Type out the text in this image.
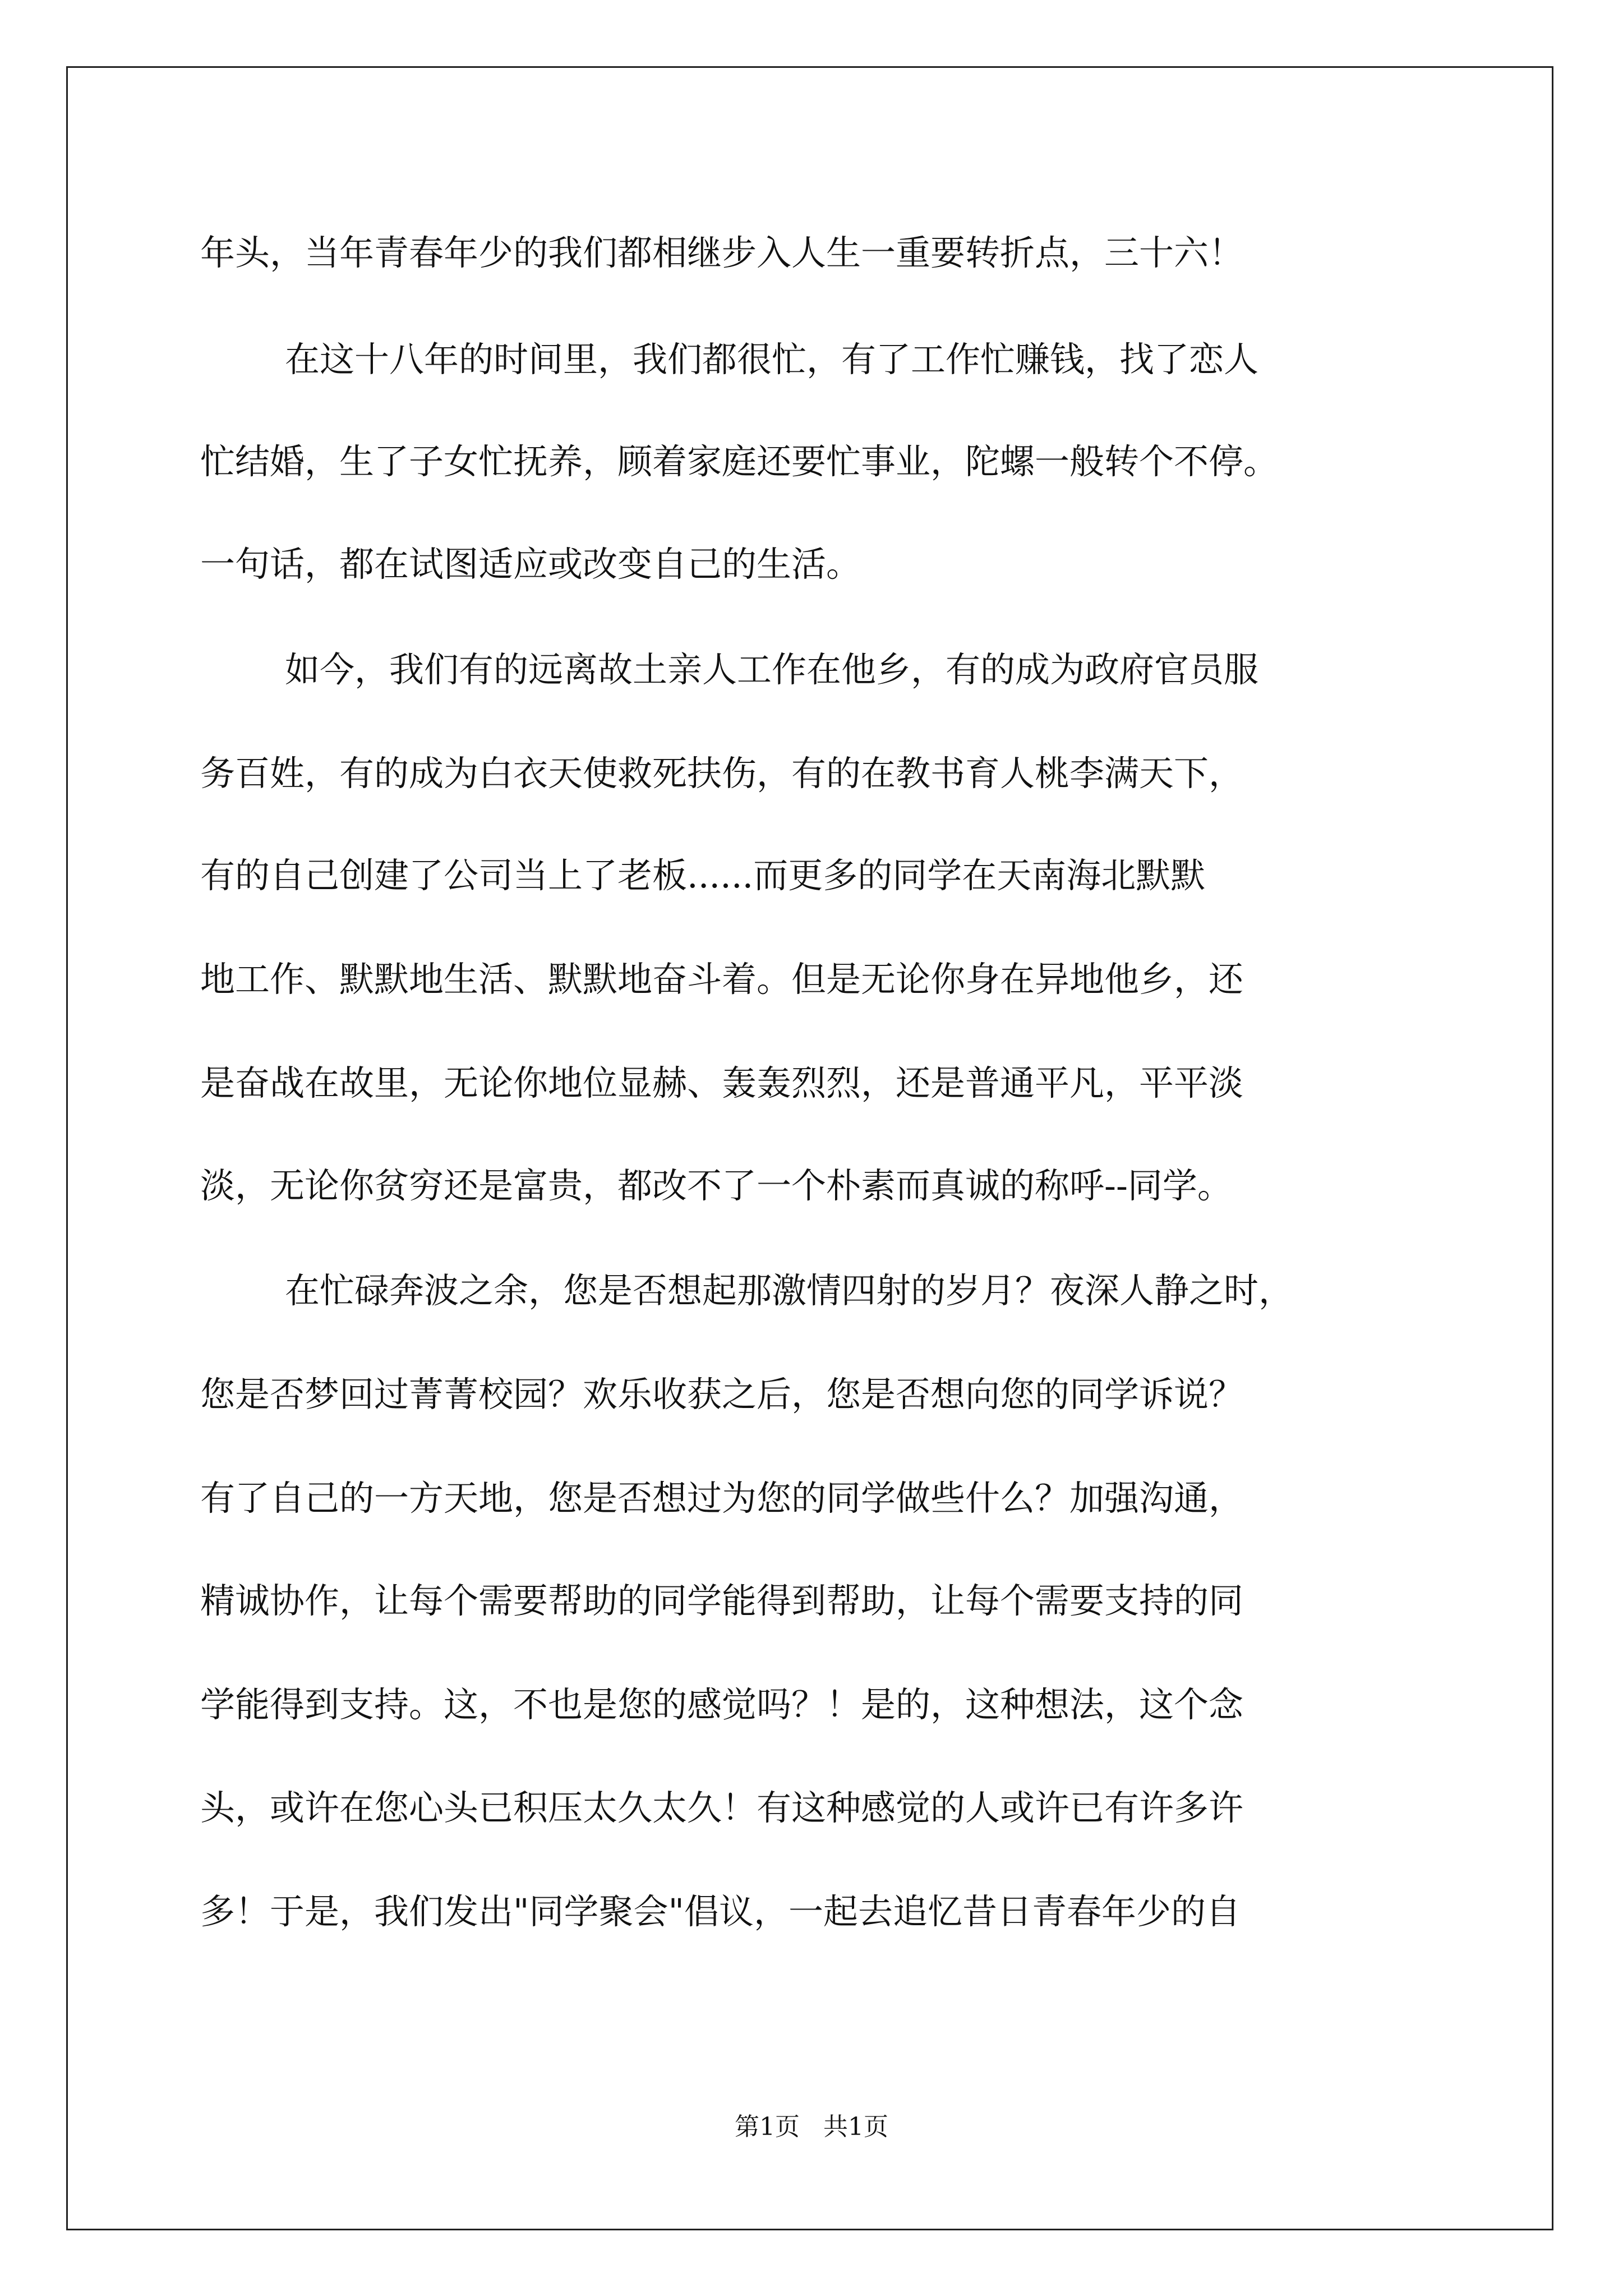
年头，当年青春年少的我们都相继步入人生一重要转折点，三十六！
在这十八年的时间里，我们都很忙，有了工作忙赚钱，找了恋人
忙结婚，生了子女忙抚养，顾着家庭还要忙事业，陀螺一般转个不停。
一句话，都在试图适应或改变自己的生活。
如今，我们有的远离故土亲人工作在他乡，有的成为政府官员服
务百姓，有的成为白衣天使救死扶伤，有的在教书育人桃李满天下，
有的自己创建了公司当上了老板......而更多的同学在天南海北默默
地工作、默默地生活、默默地奋斗着。但是无论你身在异地他乡，还
是奋战在故里，无论你地位显赫、轰轰烈烈，还是普通平凡，平平淡
淡，无论你贫穷还是富贵，都改不了一个朴素而真诚的称呼--同学。
在忙碌奔波之余，您是否想起那激情四射的岁月？夜深人静之时，
您是否梦回过菁菁校园？欢乐收获之后，您是否想向您的同学诉说？
有了自己的一方天地，您是否想过为您的同学做些什么？加强沟通，
精诚协作，让每个需要帮助的同学能得到帮助，让每个需要支持的同
学能得到支持。这，不也是您的感觉吗？！是的，这种想法，这个念
头，或许在您心头已积压太久太久！有这种感觉的人或许已有许多许
多！于是，我们发出"同学聚会"倡议，一起去追忆昔日青春年少的自
第1页   共1页
